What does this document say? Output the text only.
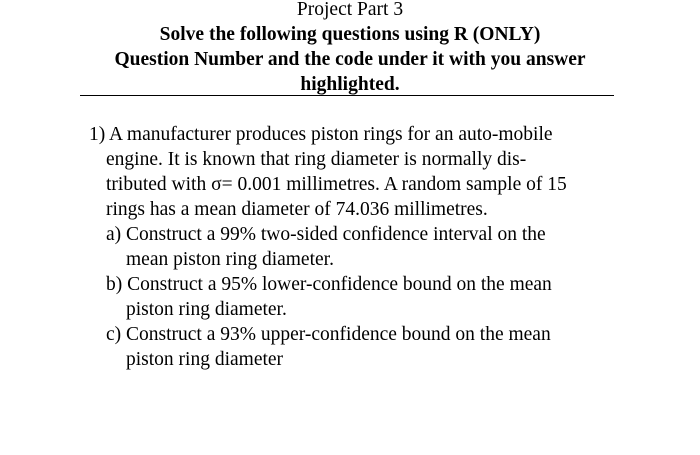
Project Part 3
Solve the following questions using R (ONLY)
Question Number and the code under it with you answer
highlighted.
1) A manufacturer produces piston rings for an auto-mobile
engine. It is known that ring diameter is normally dis-
tributed with σ= 0.001 millimetres. A random sample of 15
rings has a mean diameter of 74.036 millimetres.
a) Construct a 99% two-sided confidence interval on the
mean piston ring diameter.
b) Construct a 95% lower-confidence bound on the mean
piston ring diameter.
c) Construct a 93% upper-confidence bound on the mean
piston ring diameter
